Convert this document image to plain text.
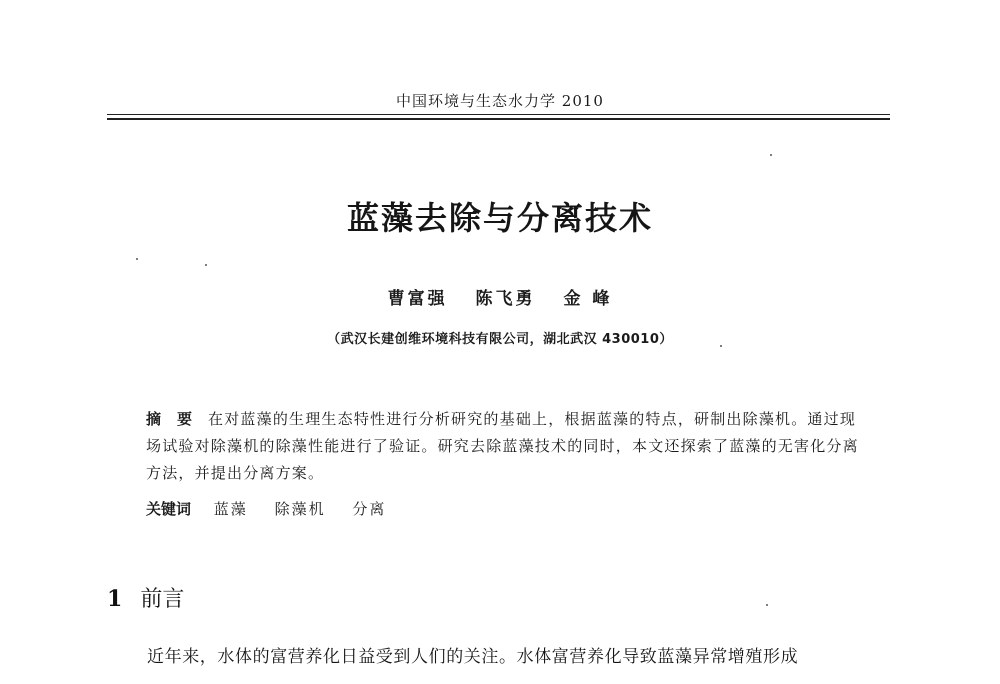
中国环境与生态水力学 2010
蓝藻去除与分离技术
曹富强 陈飞勇 金 峰
（武汉长建创维环境科技有限公司，湖北武汉 430010）
摘要在对蓝藻的生理生态特性进行分析研究的基础上，根据蓝藻的特点，研制出除藻机。通过现场试验对除藻机的除藻性能进行了验证。研究去除蓝藻技术的同时，本文还探索了蓝藻的无害化分离方法，并提出分离方案。
关键词 蓝藻 除藻机 分离
1 前言
近年来，水体的富营养化日益受到人们的关注。水体富营养化导致蓝藻异常增殖形成
